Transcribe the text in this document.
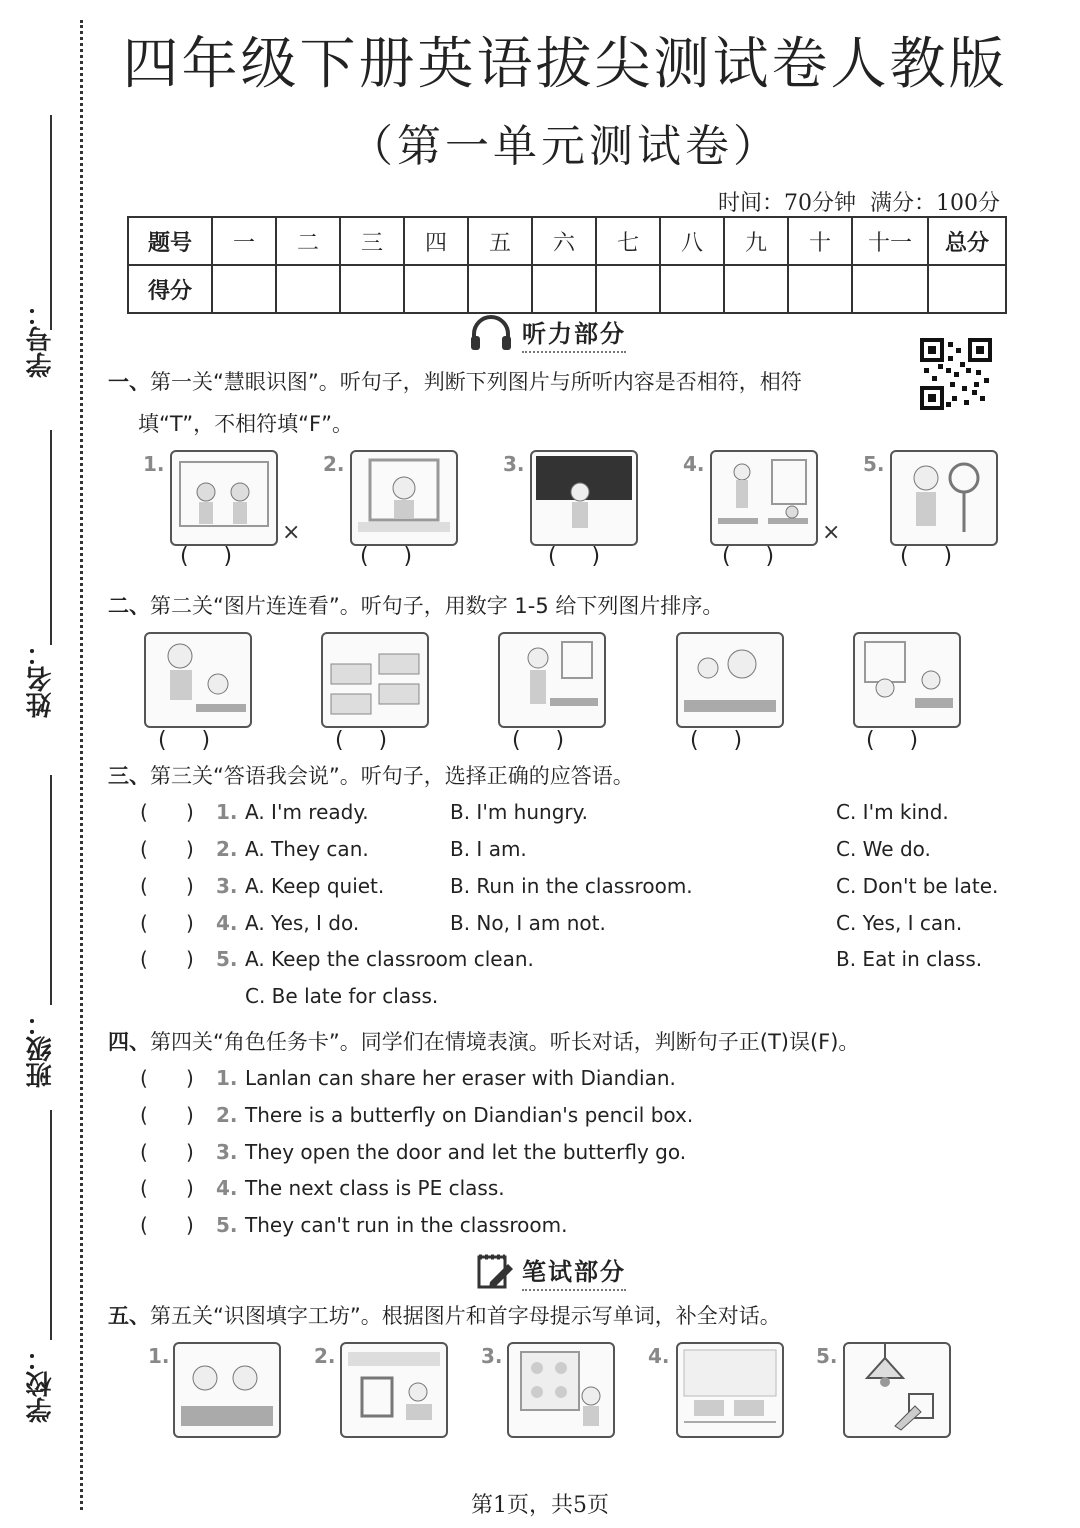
学号：
姓名：
班级：
学校：
四年级下册英语拔尖测试卷人教版
（第一单元测试卷）
时间：70分钟  满分：100分
题号	一	二	三	四	五	六	七	八	九	十	十一	总分
得分												
听力部分
一、第一关“慧眼识图”。听句子，判断下列图片与所听内容是否相符，相符
填“T”，不相符填“F”。
1.
×
(     )
2.
(     )
3.
(     )
4.
×
(     )
5.
(     )
二、第二关“图片连连看”。听句子，用数字 1-5 给下列图片排序。
(     )	(     )	(     )	(     )	(     )
三、第三关“答语我会说”。听句子，选择正确的应答语。
(      ) 1. A. I'm ready.	B. I'm hungry.	C. I'm kind.
(      ) 2. A. They can.	B. I am.	C. We do.
(      ) 3. A. Keep quiet.	B. Run in the classroom.	C. Don't be late.
(      ) 4. A. Yes, I do.	B. No, I am not.	C. Yes, I can.
(      ) 5. A. Keep the classroom clean.	B. Eat in class.
C. Be late for class.
四、第四关“角色任务卡”。同学们在情境表演。听长对话，判断句子正(T)误(F)。
(      ) 1. Lanlan can share her eraser with Diandian.
(      ) 2. There is a butterfly on Diandian's pencil box.
(      ) 3. They open the door and let the butterfly go.
(      ) 4. The next class is PE class.
(      ) 5. They can't run in the classroom.
笔试部分
五、第五关“识图填字工坊”。根据图片和首字母提示写单词，补全对话。
1.	2.	3.	4.	5.
第1页，共5页
